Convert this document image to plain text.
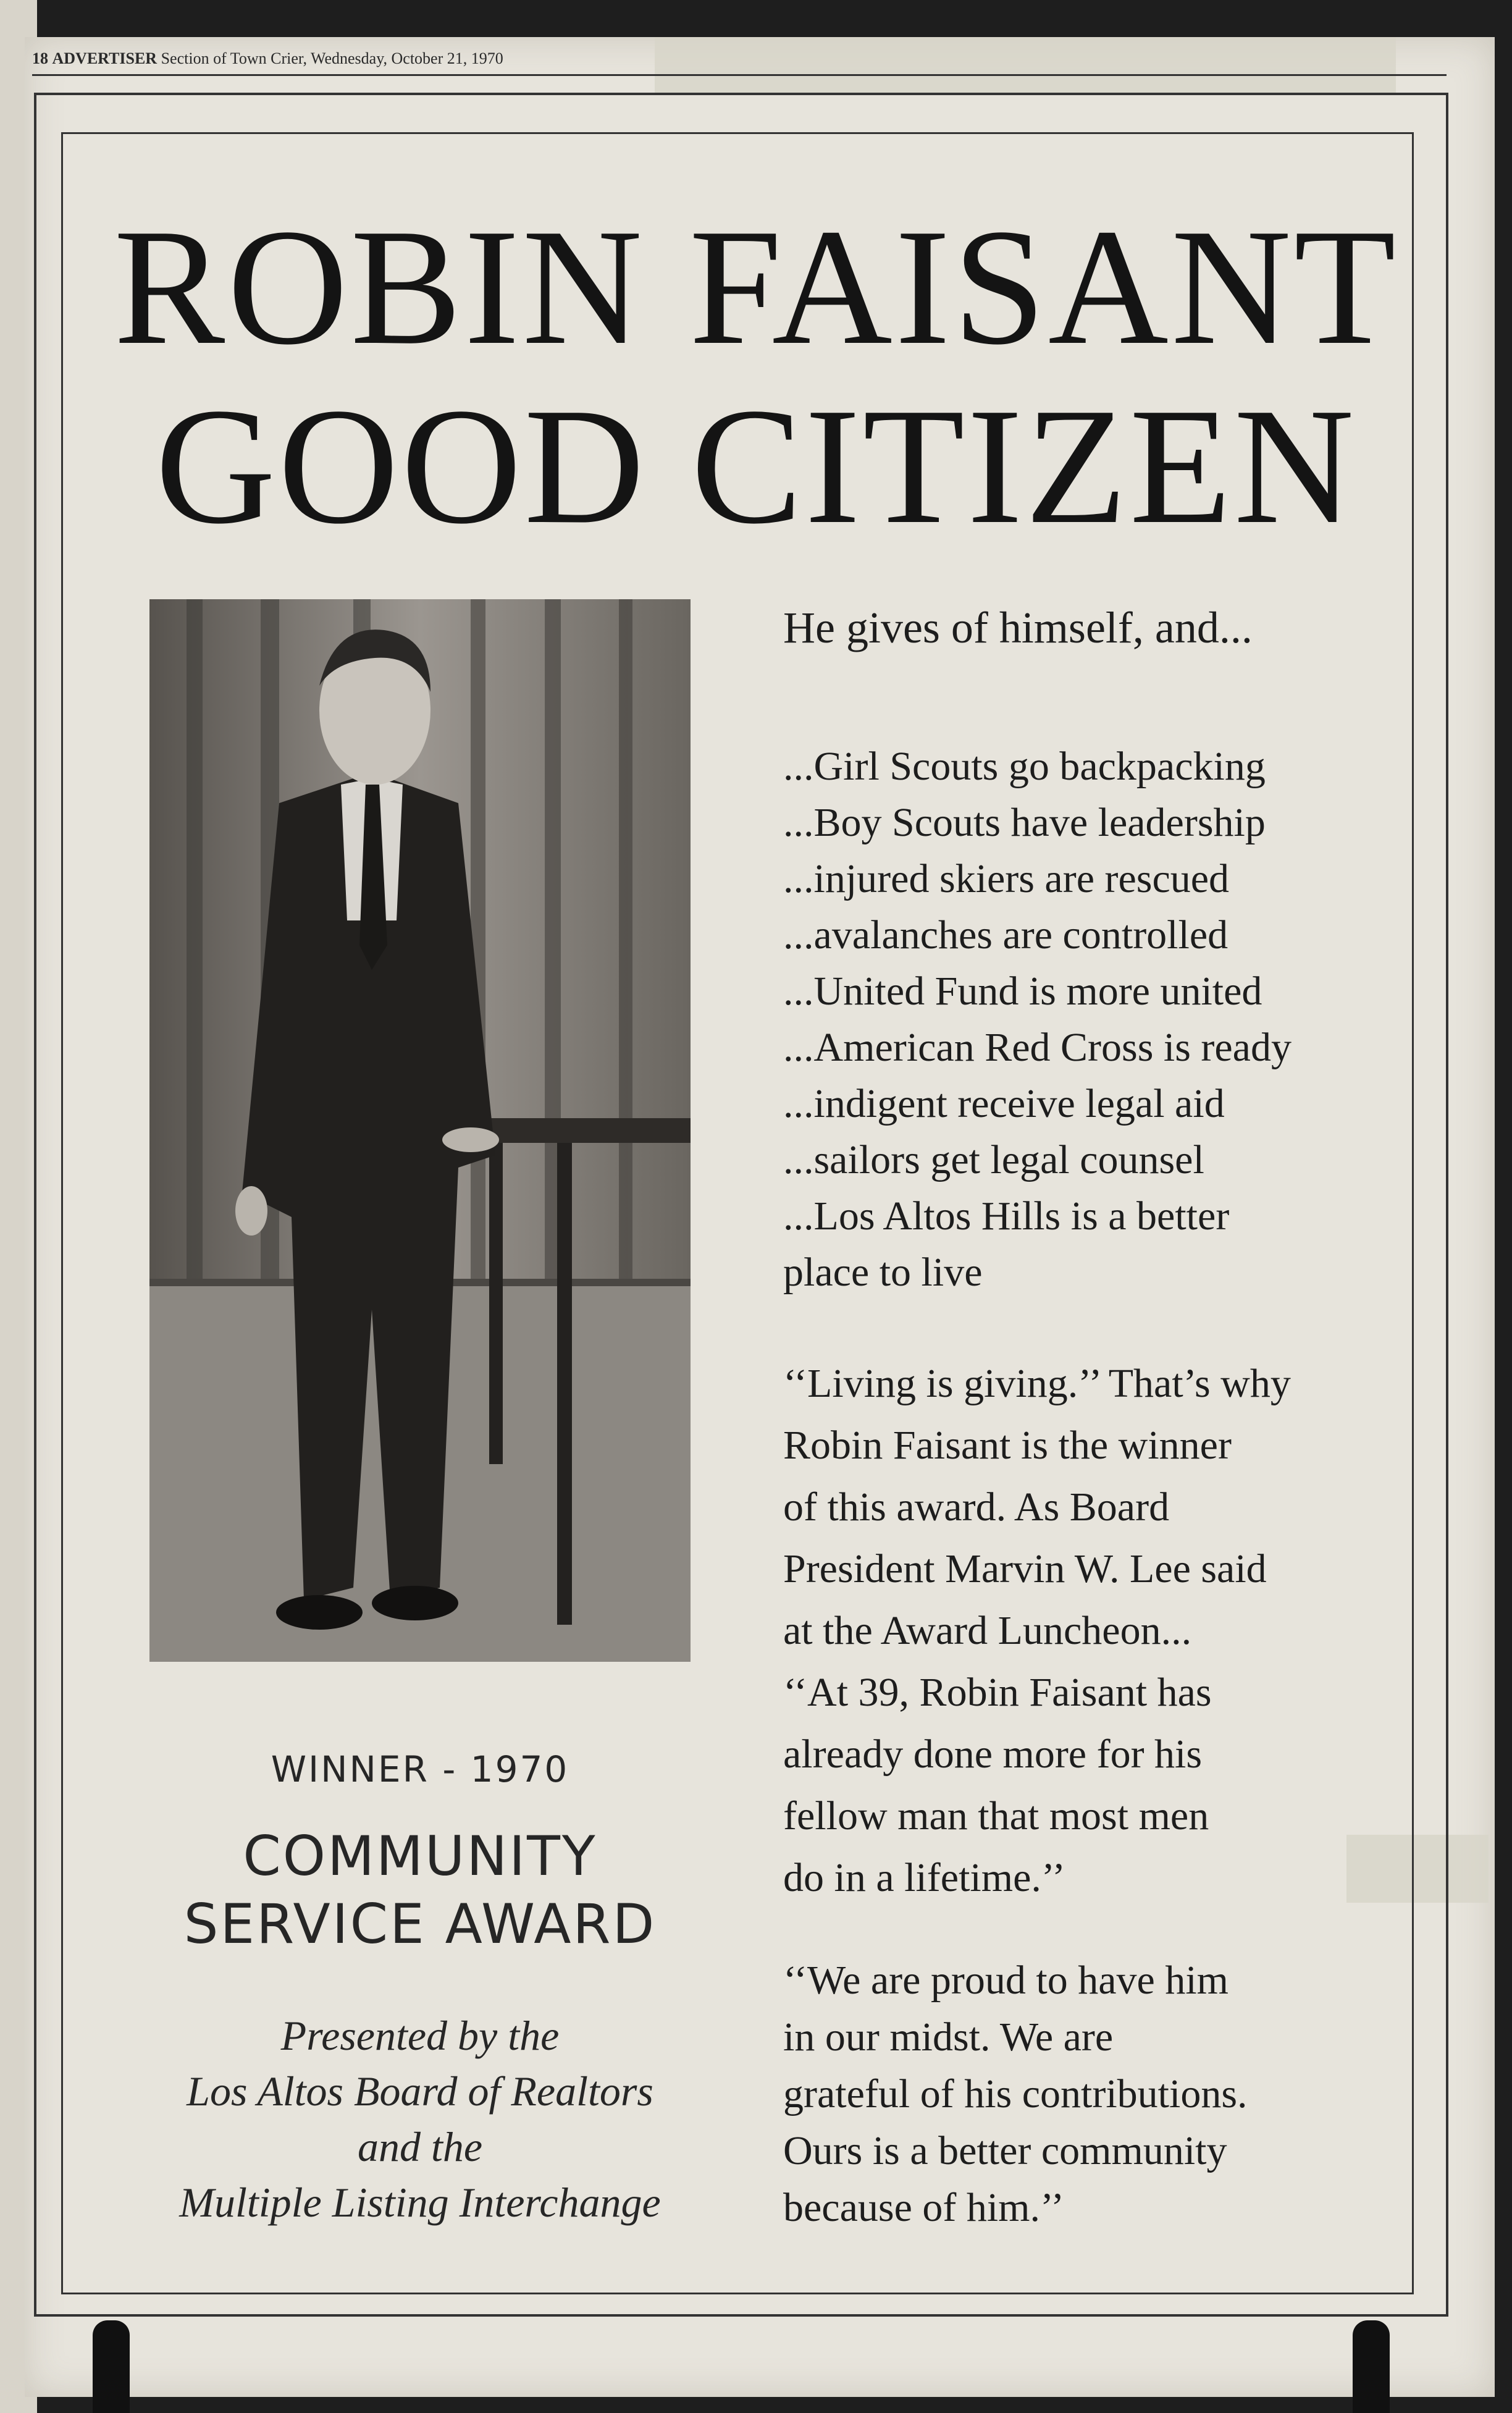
18 ADVERTISER Section of Town Crier, Wednesday, October 21, 1970
ROBIN FAISANT
GOOD CITIZEN
WINNER - 1970
COMMUNITY
SERVICE AWARD
Presented by the
Los Altos Board of Realtors
and the
Multiple Listing Interchange
He gives of himself, and...
...Girl Scouts go backpacking
...Boy Scouts have leadership
...injured skiers are rescued
...avalanches are controlled
...United Fund is more united
...American Red Cross is ready
...indigent receive legal aid
...sailors get legal counsel
...Los Altos Hills is a better
place to live
‘‘Living is giving.’’ That’s why
Robin Faisant is the winner
of this award. As Board
President Marvin W. Lee said
at the Award Luncheon...
‘‘At 39, Robin Faisant has
already done more for his
fellow man that most men
do in a lifetime.’’
‘‘We are proud to have him
in our midst. We are
grateful of his contributions.
Ours is a better community
because of him.’’
